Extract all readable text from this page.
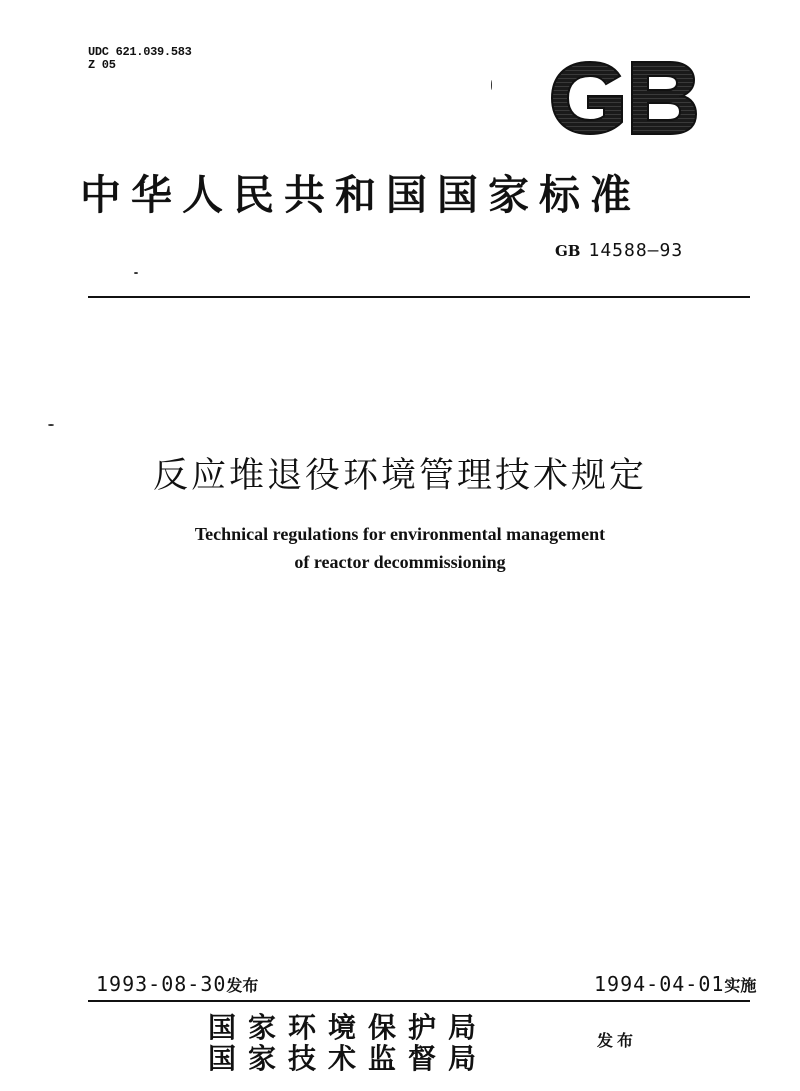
UDC 621.039.583
Z 05
中华人民共和国国家标准
GB 14588—93
反应堆退役环境管理技术规定
Technical regulations for environmental management
of reactor decommissioning
1993-08-30发布	1994-04-01实施
国家环境保护局
国家技术监督局
发布
